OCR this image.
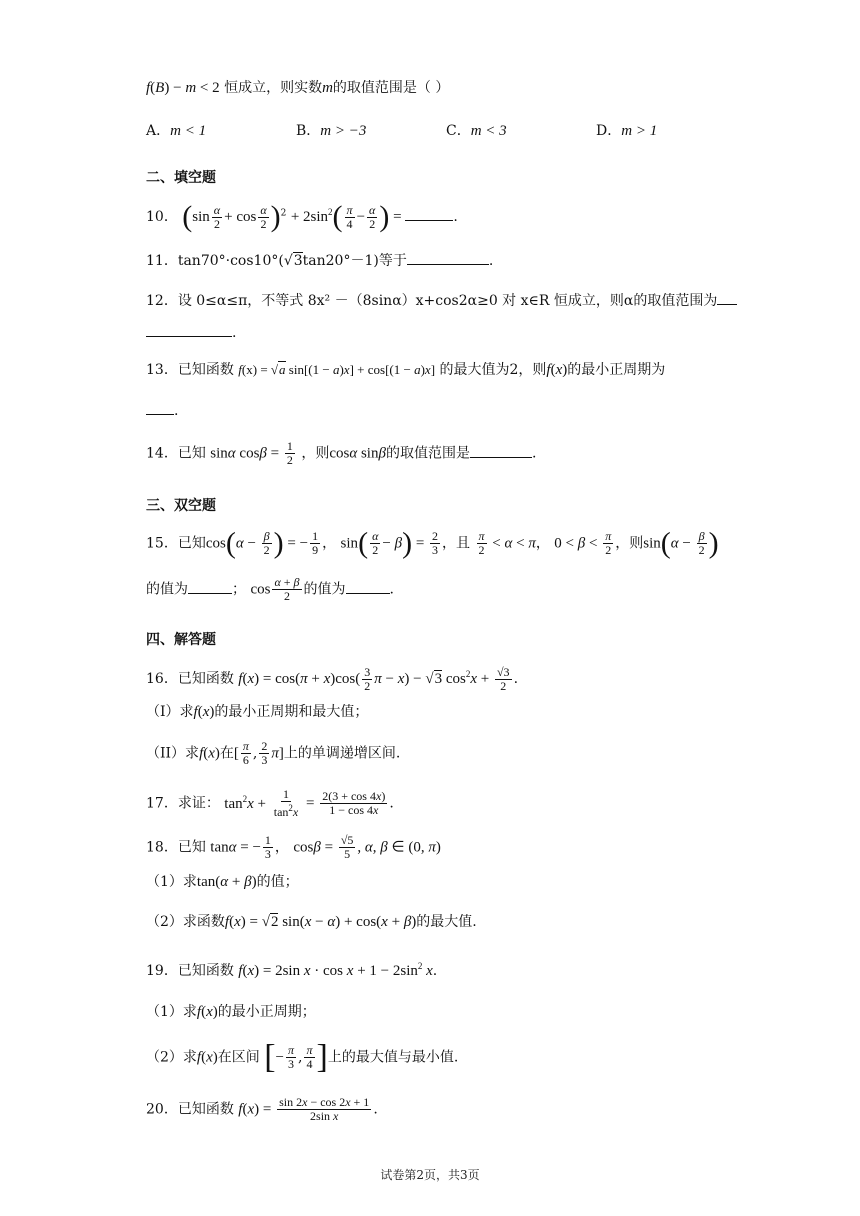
f(B) − m < 2 恒成立，则实数m的取值范围是（ ）
A．m < 1	B．m > −3	C．m < 3	D．m > 1
二、填空题
10． $(\sin \frac{\alpha}{2} + \cos \frac{\alpha}{2} )^2 + 2\sin^2( \frac{\pi}{4} - \frac{\alpha}{2}$ ) =	.
11．tan70°·cos10°(√3tan20°－1)等于	.
12．设 0≤α≤π，不等式 8x² －（8sinα）x+cos2α≥0 对 x∈R 恒成立，则α的取值范围为
.
13．已知函数 f(x) = √a sin[(1 − a)x] + cos[(1 − a)x] 的最大值为2，则f(x)的最小正周期为
.
14．已知 sinα $\cos\beta = \frac{1}{2}$ ，则cosα sinβ的取值范围是	.
三、双空题
15．已知$\cos(\alpha - \frac{\beta}{2}$ ) = − $\frac{1}{9}$ ， $\sin( \frac{\alpha}{2} - \beta) = \frac{2}{3}$ ，且 $\frac{\pi}{2} < \alpha < \pi$， $0 < \beta < \frac{\pi}{2}$ ，则$\sin(\alpha - \frac{\beta}{2}$ )
的值为	； $\cos \frac{\alpha + \beta}{2}$ 的值为	.
四、解答题
16．已知函数 $f(x) = \cos(\pi + x)\cos( \frac{3}{2}$ π − x) − √3 $\cos^2x + \frac{√3}{2}$ .
（I）求f(x)的最小正周期和最大值；
（II）求f(x)在[ $\frac{\pi}{6}$ , $\frac{2}{3} \pi$]上的单调递增区间.
17．求证： $\tan^2x + \frac{1}{\tan^2x} = \frac{2(3 + \cos 4x)}{1 - \cos 4x}$ .
18．已知 tanα = − $\frac{1}{3}$ ， $\cos\beta = \frac{√5}{5}$ , α, β ∈ (0, π)
（1）求tan(α + β)的值；
（2）求函数f(x) = √2 sin(x − α) + cos(x + β)的最大值.
19．已知函数 f(x) = 2sin $x \cdot \cos x + 1 - 2\sin^2$ x.
（1）求f(x)的最小正周期；
（2）求f(x)在区间 [− $\frac{\pi}{3}$ , $\frac{\pi}{4}$ ]上的最大值与最小值.
20．已知函数 $f(x) = \frac{\sin 2x - \cos 2x + 1}{\text{2sin x}}$ .
试卷第2页，共3页
